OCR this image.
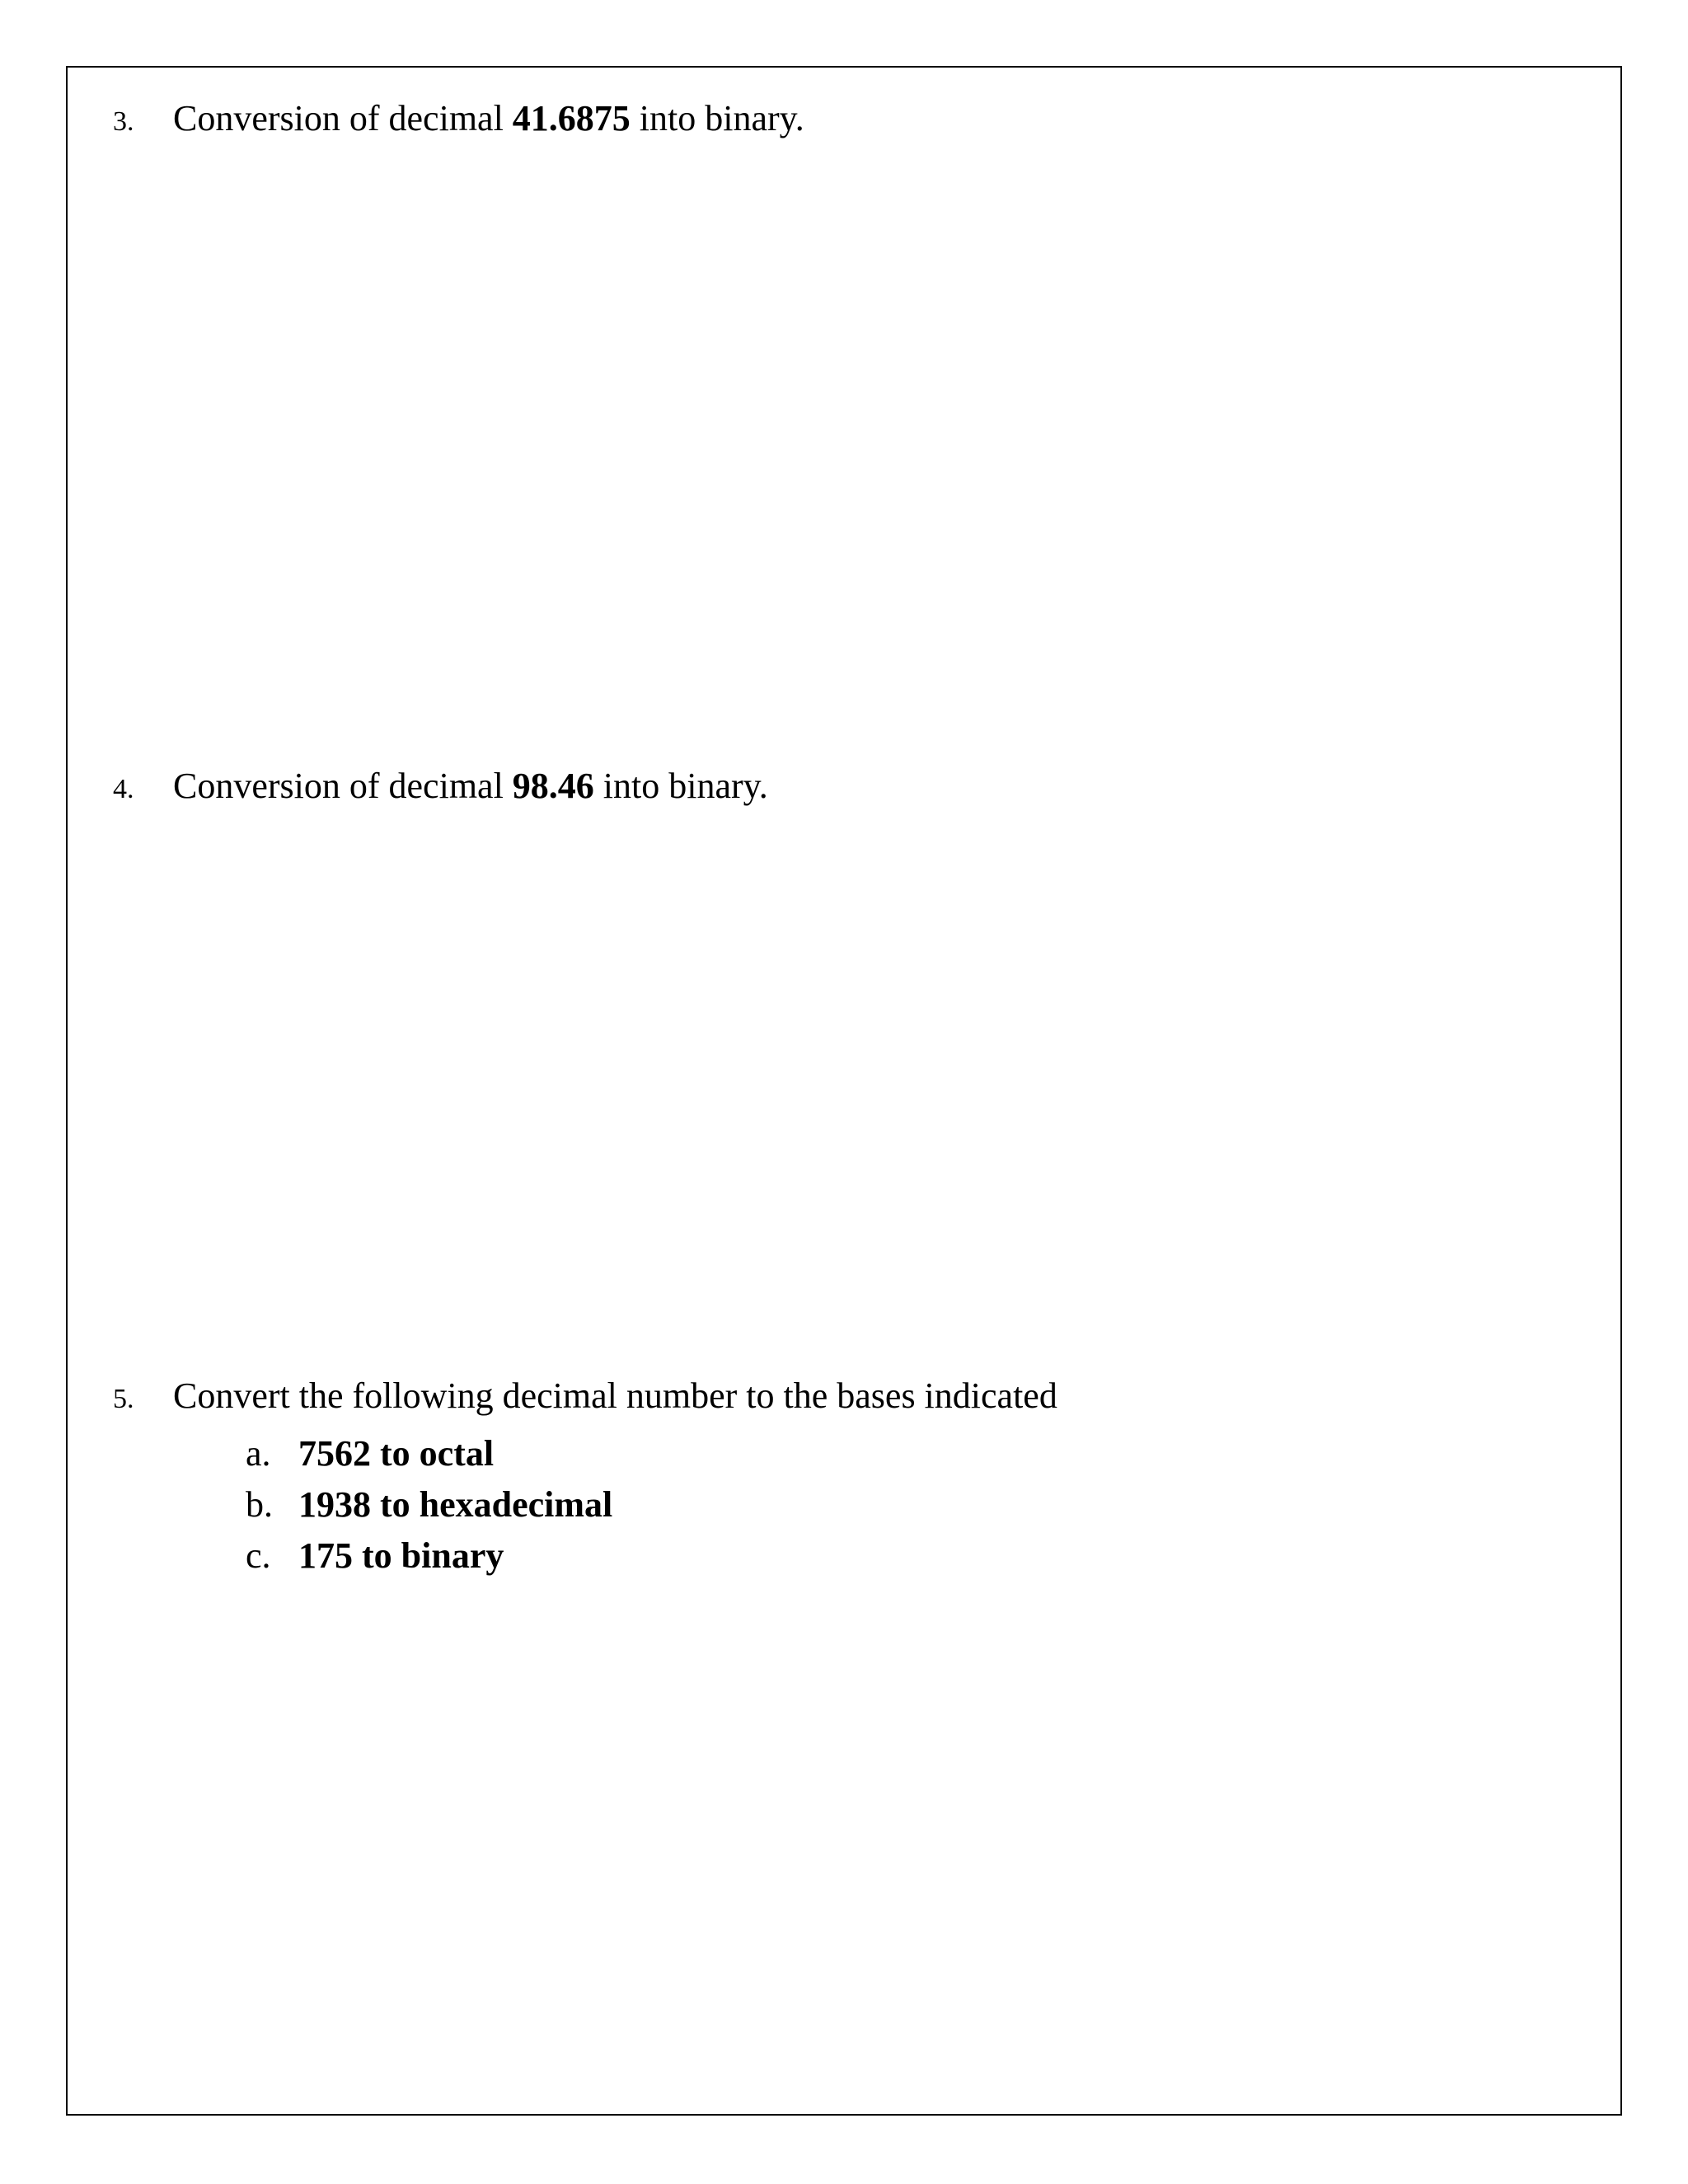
3. Conversion of decimal 41.6875 into binary.
4. Conversion of decimal 98.46 into binary.
5. Convert the following decimal number to the bases indicated
a. 7562 to octal
b. 1938 to hexadecimal
c. 175 to binary
